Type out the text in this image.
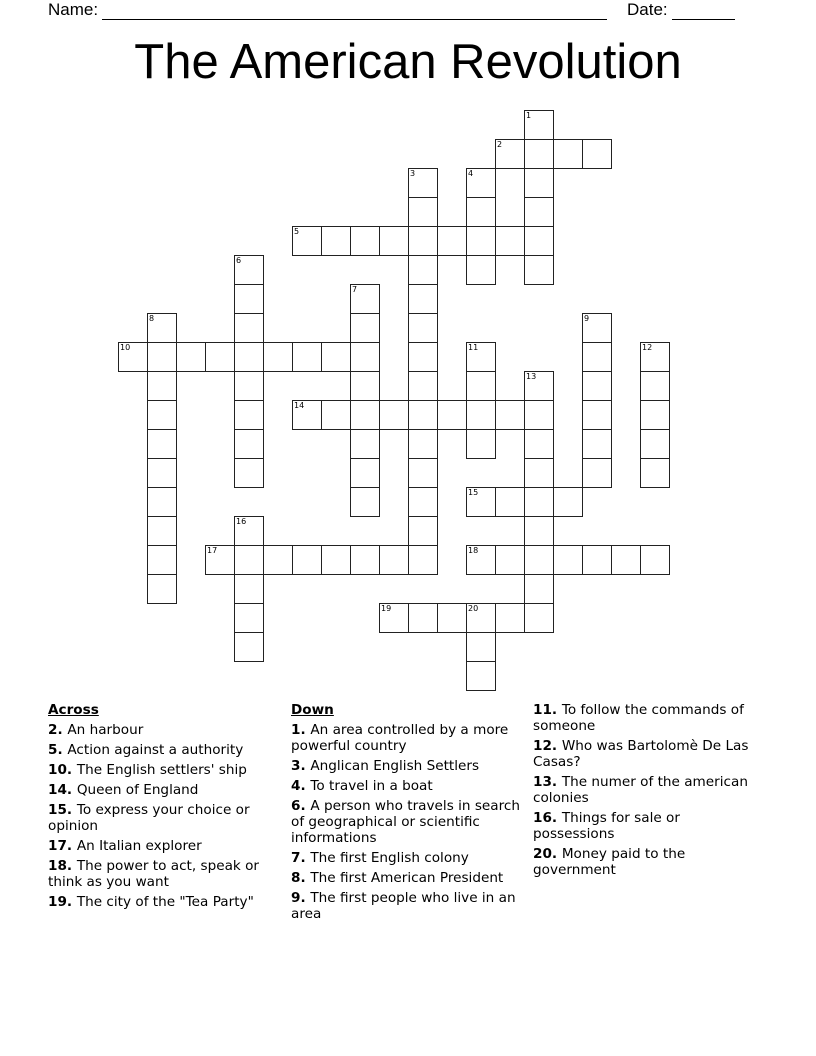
Name:	Date:
The American Revolution
1
2
3	4
5
6
7
8	9
10	11	12
13
14
15
16
17	18
19	20
Across
2. An harbour
5. Action against a authority
10. The English settlers' ship
14. Queen of England
15. To express your choice or opinion
17. An Italian explorer
18. The power to act, speak or think as you want
19. The city of the "Tea Party"
Down
1. An area controlled by a more powerful country
3. Anglican English Settlers
4. To travel in a boat
6. A person who travels in search of geographical or scientific informations
7. The first English colony
8. The first American President
9. The first people who live in an area
11. To follow the commands of someone
12. Who was Bartolomè De Las Casas?
13. The numer of the american colonies
16. Things for sale or possessions
20. Money paid to the government
